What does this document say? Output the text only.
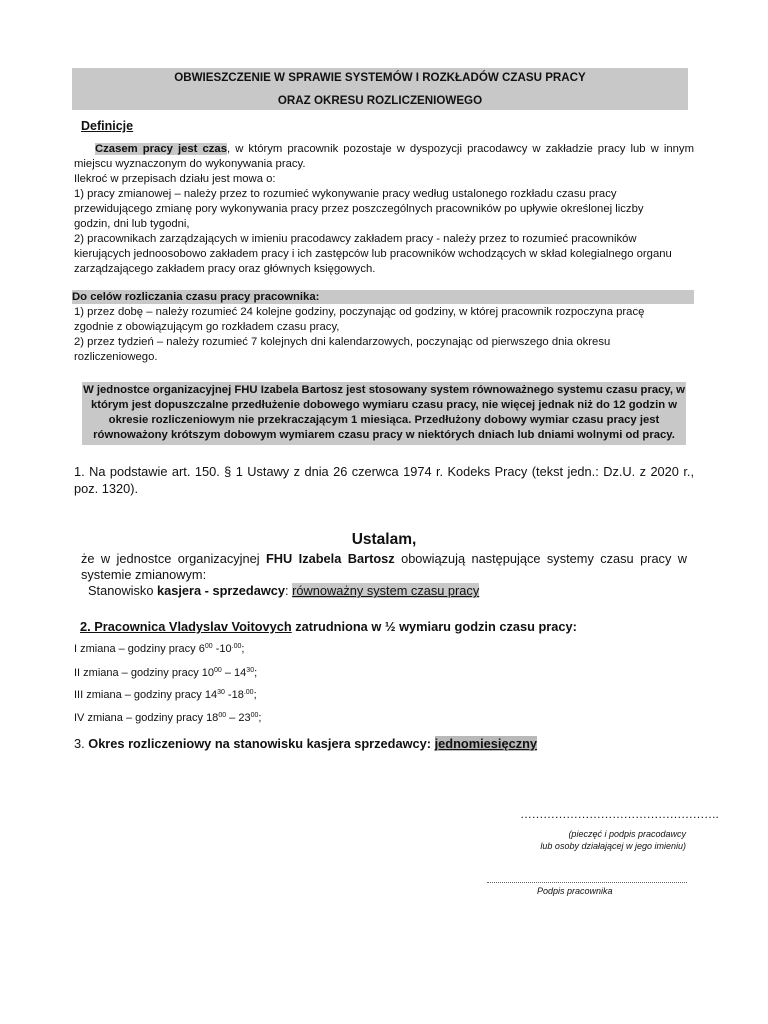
OBWIESZCZENIE W SPRAWIE SYSTEMÓW I ROZKŁADÓW CZASU PRACY
ORAZ OKRESU ROZLICZENIOWEGO
Definicje
Czasem pracy jest czas, w którym pracownik pozostaje w dyspozycji pracodawcy w zakładzie pracy lub w innym
miejscu wyznaczonym do wykonywania pracy.
Ilekroć w przepisach działu jest mowa o:
1) pracy zmianowej – należy przez to rozumieć wykonywanie pracy według ustalonego rozkładu czasu pracy
przewidującego zmianę pory wykonywania pracy przez poszczególnych pracowników po upływie określonej liczby
godzin, dni lub tygodni,
2) pracownikach zarządzających w imieniu pracodawcy zakładem pracy - należy przez to rozumieć pracowników
kierujących jednoosobowo zakładem pracy i ich zastępców lub pracowników wchodzących w skład kolegialnego organu
zarządzającego zakładem pracy oraz głównych księgowych.
Do celów rozliczania czasu pracy pracownika:
1) przez dobę – należy rozumieć 24 kolejne godziny, poczynając od godziny, w której pracownik rozpoczyna pracę
zgodnie z obowiązującym go rozkładem czasu pracy,
2) przez tydzień – należy rozumieć 7 kolejnych dni kalendarzowych, poczynając od pierwszego dnia okresu
rozliczeniowego.
W jednostce organizacyjnej FHU Izabela Bartosz jest stosowany system równoważnego systemu czasu pracy, w
którym jest dopuszczalne przedłużenie dobowego wymiaru czasu pracy, nie więcej jednak niż do 12 godzin w
okresie rozliczeniowym nie przekraczającym 1 miesiąca. Przedłużony dobowy wymiar czasu pracy jest
równoważony krótszym dobowym wymiarem czasu pracy w niektórych dniach lub dniami wolnymi od pracy.
1. Na podstawie art. 150. § 1 Ustawy z dnia 26 czerwca 1974 r. Kodeks Pracy (tekst jedn.: Dz.U. z 2020 r.,
poz. 1320).
Ustalam,
że w jednostce organizacyjnej FHU Izabela Bartosz obowiązują następujące systemy czasu pracy w
systemie zmianowym:
Stanowisko kasjera - sprzedawcy: równoważny system czasu pracy
2. Pracownica Vladyslav Voitovych zatrudniona w ½ wymiaru godzin czasu pracy:
I zmiana – godziny pracy $6^{00}$ $-10^{.00}$;
II zmiana – godziny pracy $10^{00} - 14^{30}$;
III zmiana – godziny pracy $14^{30}$ $-18^{.00}$;
IV zmiana – godziny pracy $18^{00} - 23^{00}$;
3. Okres rozliczeniowy na stanowisku kasjera sprzedawcy: jednomiesięczny
…………………………………………….
(pieczęć i podpis pracodawcy
lub osoby działającej w jego imieniu)
Podpis pracownika
